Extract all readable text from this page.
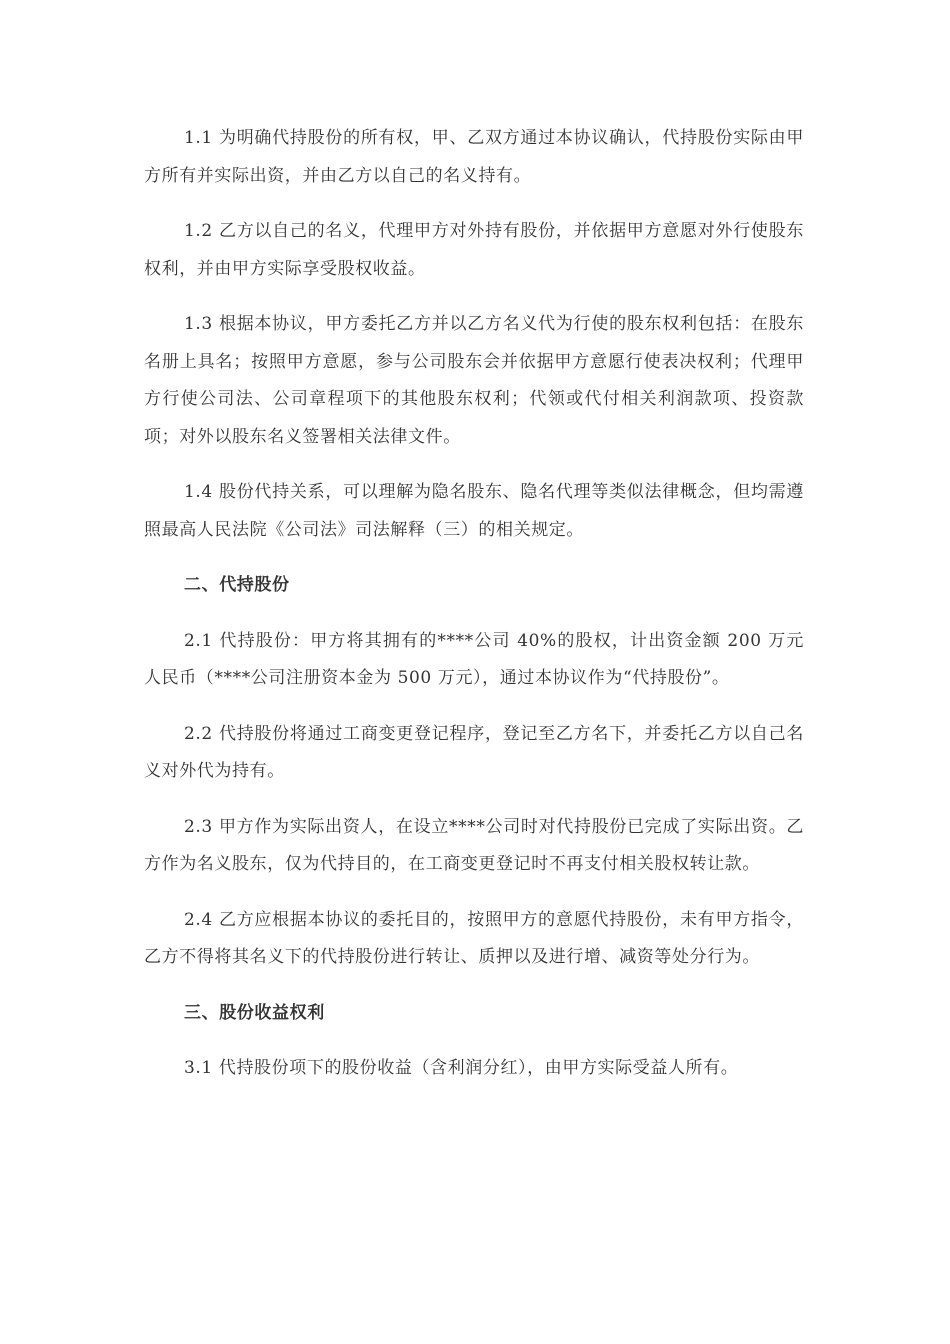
1.1 为明确代持股份的所有权，甲、乙双方通过本协议确认，代持股份实际由甲方所有并实际出资，并由乙方以自己的名义持有。

1.2 乙方以自己的名义，代理甲方对外持有股份，并依据甲方意愿对外行使股东权利，并由甲方实际享受股权收益。

1.3 根据本协议，甲方委托乙方并以乙方名义代为行使的股东权利包括：在股东名册上具名；按照甲方意愿，参与公司股东会并依据甲方意愿行使表决权利；代理甲方行使公司法、公司章程项下的其他股东权利；代领或代付相关利润款项、投资款项；对外以股东名义签署相关法律文件。

1.4 股份代持关系，可以理解为隐名股东、隐名代理等类似法律概念，但均需遵照最高人民法院《公司法》司法解释（三）的相关规定。

二、代持股份

2.1 代持股份：甲方将其拥有的****公司 40%的股权，计出资金额 200 万元人民币（****公司注册资本金为 500 万元），通过本协议作为“代持股份”。

2.2 代持股份将通过工商变更登记程序，登记至乙方名下，并委托乙方以自己名义对外代为持有。

2.3 甲方作为实际出资人，在设立****公司时对代持股份已完成了实际出资。乙方作为名义股东，仅为代持目的，在工商变更登记时不再支付相关股权转让款。

2.4 乙方应根据本协议的委托目的，按照甲方的意愿代持股份，未有甲方指令，乙方不得将其名义下的代持股份进行转让、质押以及进行增、减资等处分行为。

三、股份收益权利

3.1 代持股份项下的股份收益（含利润分红），由甲方实际受益人所有。
